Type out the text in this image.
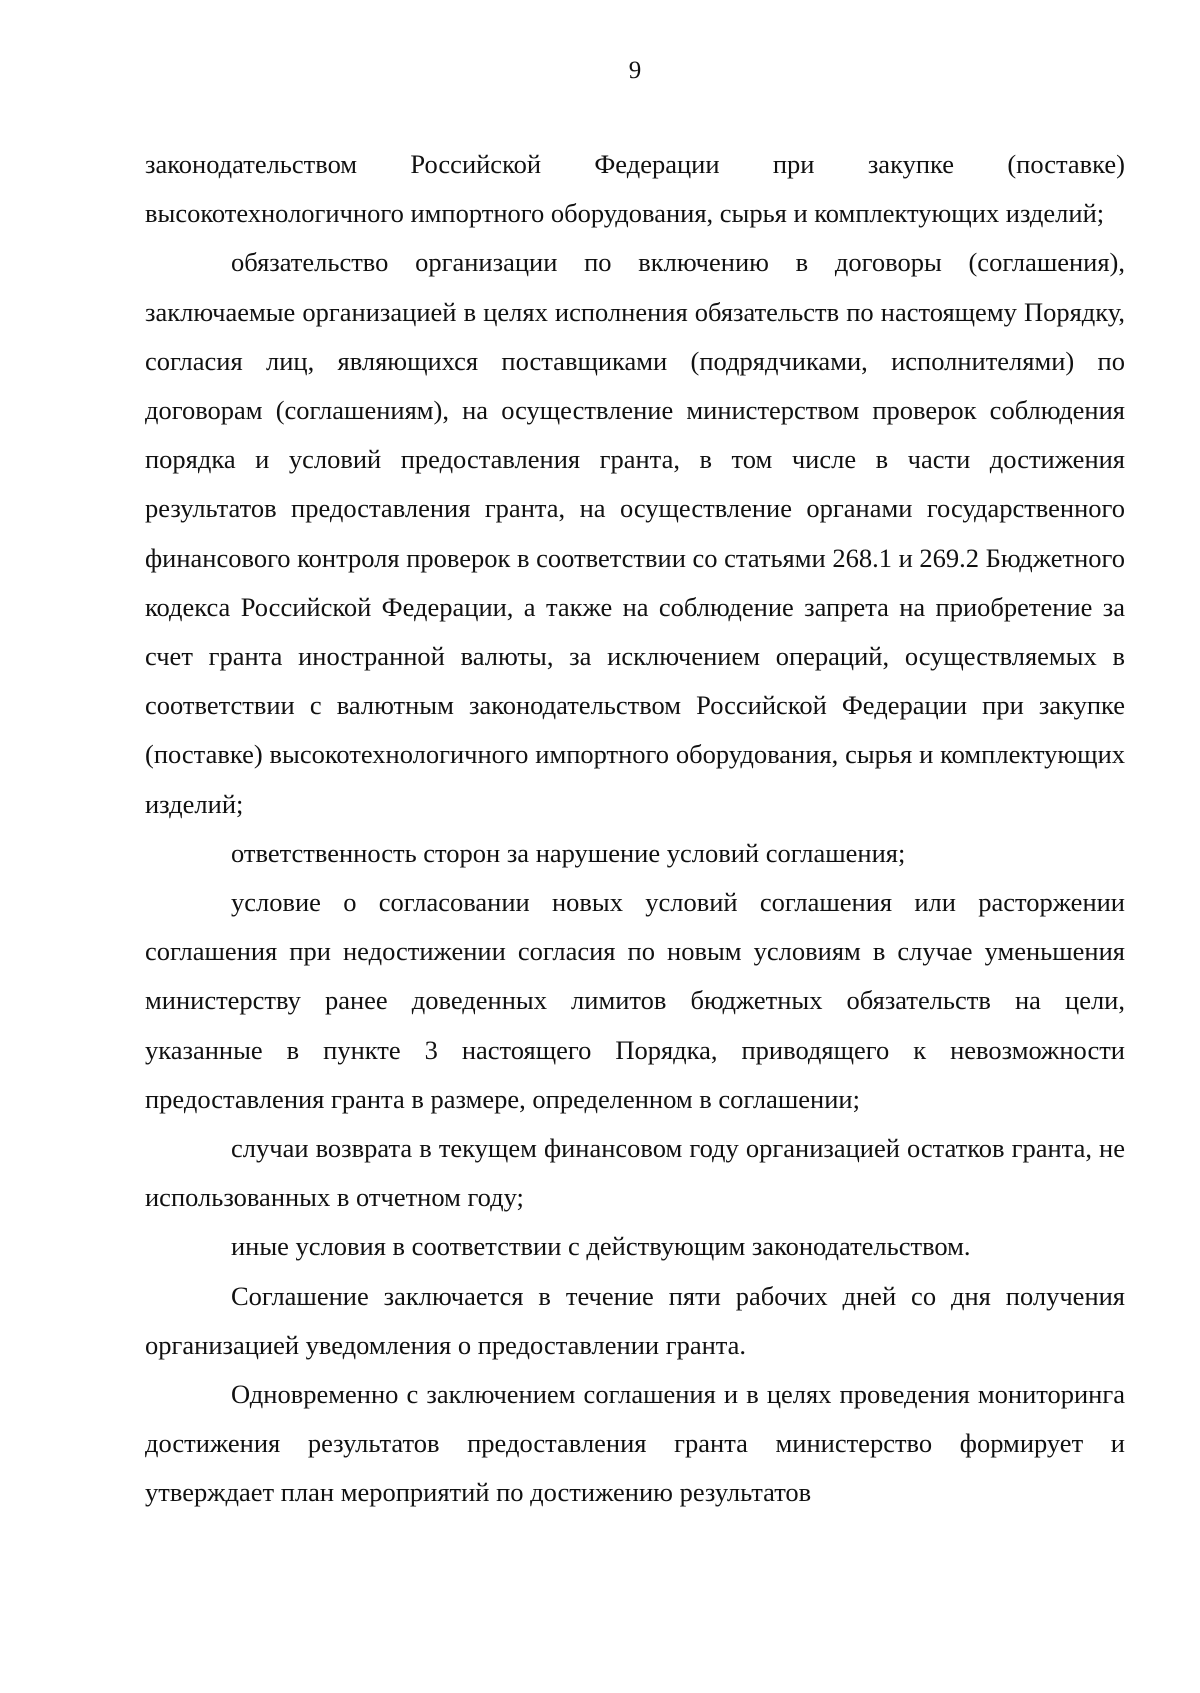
9

законодательством Российской Федерации при закупке (поставке) высокотехнологичного импортного оборудования, сырья и комплектующих изделий;

обязательство организации по включению в договоры (соглашения), заключаемые организацией в целях исполнения обязательств по настоящему Порядку, согласия лиц, являющихся поставщиками (подрядчиками, исполнителями) по договорам (соглашениям), на осуществление министерством проверок соблюдения порядка и условий предоставления гранта, в том числе в части достижения результатов предоставления гранта, на осуществление органами государственного финансового контроля проверок в соответствии со статьями 268.1 и 269.2 Бюджетного кодекса Российской Федерации, а также на соблюдение запрета на приобретение за счет гранта иностранной валюты, за исключением операций, осуществляемых в соответствии с валютным законодательством Российской Федерации при закупке (поставке) высокотехнологичного импортного оборудования, сырья и комплектующих изделий;

ответственность сторон за нарушение условий соглашения;

условие о согласовании новых условий соглашения или расторжении соглашения при недостижении согласия по новым условиям в случае уменьшения министерству ранее доведенных лимитов бюджетных обязательств на цели, указанные в пункте 3 настоящего Порядка, приводящего к невозможности предоставления гранта в размере, определенном в соглашении;

случаи возврата в текущем финансовом году организацией остатков гранта, не использованных в отчетном году;

иные условия в соответствии с действующим законодательством.

Соглашение заключается в течение пяти рабочих дней со дня получения организацией уведомления о предоставлении гранта.

Одновременно с заключением соглашения и в целях проведения мониторинга достижения результатов предоставления гранта министерство формирует и утверждает план мероприятий по достижению результатов
